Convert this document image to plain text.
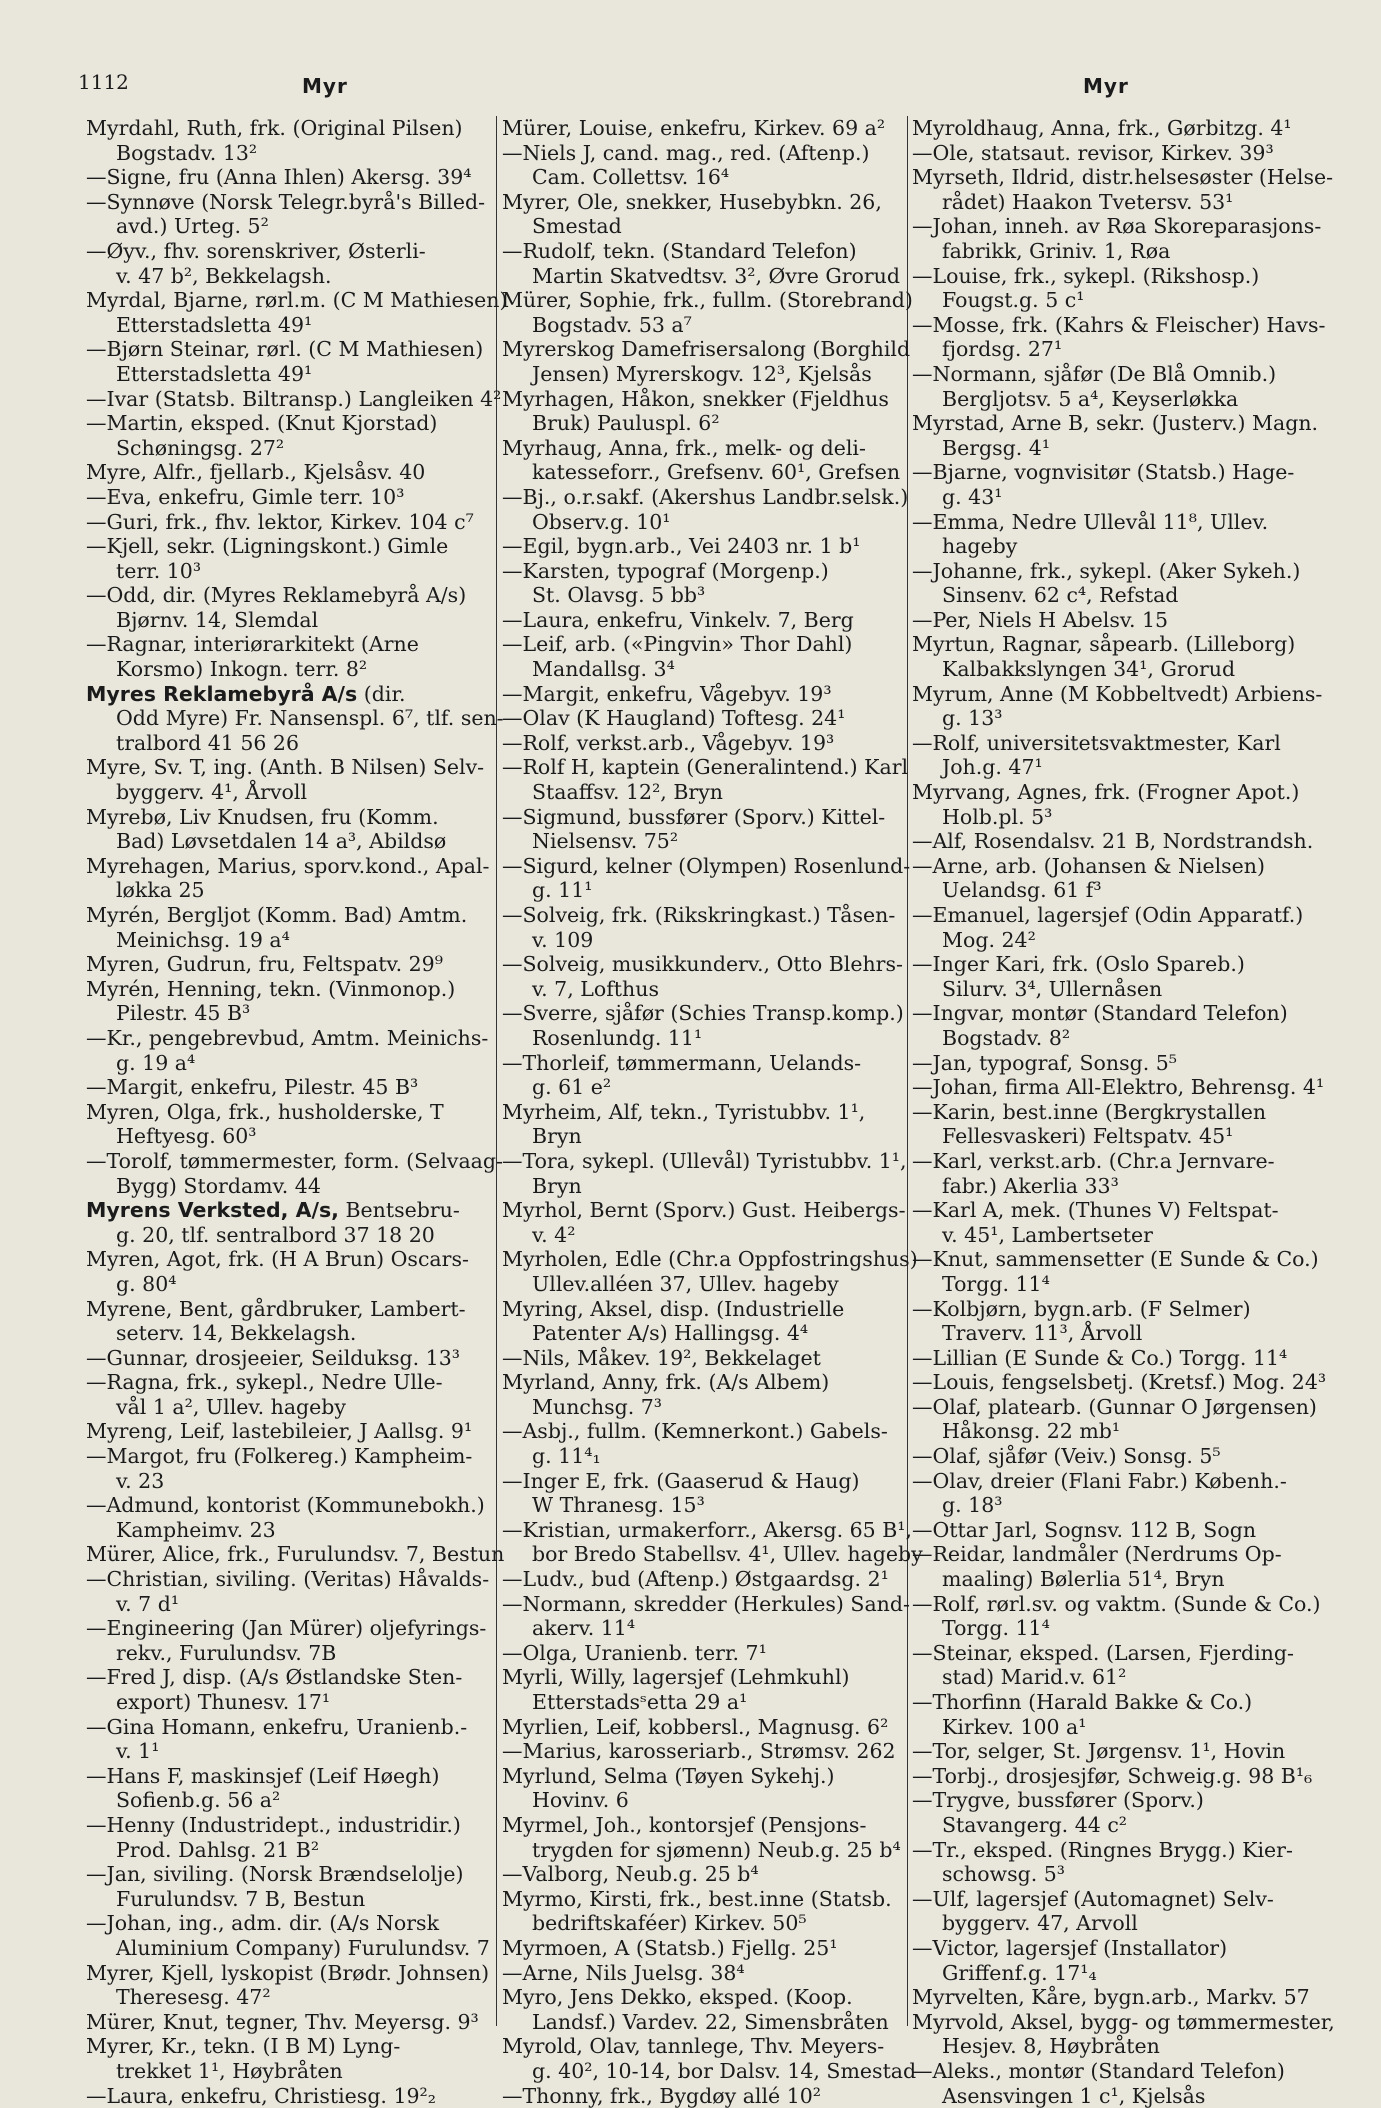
1112	Myr	Myr
Myrdahl, Ruth, frk. (Original Pilsen)
Bogstadv. 13²
—Signe, fru (Anna Ihlen) Akersg. 39⁴
—Synnøve (Norsk Telegr.byrå's Billed-
avd.) Urteg. 5²
—Øyv., fhv. sorenskriver, Østerli-
v. 47 b², Bekkelagsh.
Myrdal, Bjarne, rørl.m. (C M Mathiesen)
Etterstadsletta 49¹
—Bjørn Steinar, rørl. (C M Mathiesen)
Etterstadsletta 49¹
—Ivar (Statsb. Biltransp.) Langleiken 4²
—Martin, eksped. (Knut Kjorstad)
Schøningsg. 27²
Myre, Alfr., fjellarb., Kjelsåsv. 40
—Eva, enkefru, Gimle terr. 10³
—Guri, frk., fhv. lektor, Kirkev. 104 c⁷
—Kjell, sekr. (Ligningskont.) Gimle
terr. 10³
—Odd, dir. (Myres Reklamebyrå A/s)
Bjørnv. 14, Slemdal
—Ragnar, interiørarkitekt (Arne
Korsmo) Inkogn. terr. 8²
Myres Reklamebyrå A/s (dir.
Odd Myre) Fr. Nansenspl. 6⁷, tlf. sen-
tralbord 41 56 26
Myre, Sv. T, ing. (Anth. B Nilsen) Selv-
byggerv. 4¹, Årvoll
Myrebø, Liv Knudsen, fru (Komm.
Bad) Løvsetdalen 14 a³, Abildsø
Myrehagen, Marius, sporv.kond., Apal-
løkka 25
Myrén, Bergljot (Komm. Bad) Amtm.
Meinichsg. 19 a⁴
Myren, Gudrun, fru, Feltspatv. 29⁹
Myrén, Henning, tekn. (Vinmonop.)
Pilestr. 45 B³
—Kr., pengebrevbud, Amtm. Meinichs-
g. 19 a⁴
—Margit, enkefru, Pilestr. 45 B³
Myren, Olga, frk., husholderske, T
Heftyesg. 60³
—Torolf, tømmermester, form. (Selvaag-
Bygg) Stordamv. 44
Myrens Verksted, A/s, Bentsebru-
g. 20, tlf. sentralbord 37 18 20
Myren, Agot, frk. (H A Brun) Oscars-
g. 80⁴
Myrene, Bent, gårdbruker, Lambert-
seterv. 14, Bekkelagsh.
—Gunnar, drosjeeier, Seilduksg. 13³
—Ragna, frk., sykepl., Nedre Ulle-
vål 1 a², Ullev. hageby
Myreng, Leif, lastebileier, J Aallsg. 9¹
—Margot, fru (Folkereg.) Kampheim-
v. 23
—Admund, kontorist (Kommunebokh.)
Kampheimv. 23
Mürer, Alice, frk., Furulundsv. 7, Bestun
—Christian, siviling. (Veritas) Håvalds-
v. 7 d¹
—Engineering (Jan Mürer) oljefyrings-
rekv., Furulundsv. 7B
—Fred J, disp. (A/s Østlandske Sten-
export) Thunesv. 17¹
—Gina Homann, enkefru, Uranienb.-
v. 1¹
—Hans F, maskinsjef (Leif Høegh)
Sofienb.g. 56 a²
—Henny (Industridept., industridir.)
Prod. Dahlsg. 21 B²
—Jan, siviling. (Norsk Brændselolje)
Furulundsv. 7 B, Bestun
—Johan, ing., adm. dir. (A/s Norsk
Aluminium Company) Furulundsv. 7
Myrer, Kjell, lyskopist (Brødr. Johnsen)
Theresesg. 47²
Mürer, Knut, tegner, Thv. Meyersg. 9³
Myrer, Kr., tekn. (I B M) Lyng-
trekket 1¹, Høybråten
—Laura, enkefru, Christiesg. 19²₂
Mürer, Louise, enkefru, Kirkev. 69 a²
—Niels J, cand. mag., red. (Aftenp.)
Cam. Collettsv. 16⁴
Myrer, Ole, snekker, Husebybkn. 26,
Smestad
—Rudolf, tekn. (Standard Telefon)
Martin Skatvedtsv. 3², Øvre Grorud
Mürer, Sophie, frk., fullm. (Storebrand)
Bogstadv. 53 a⁷
Myrerskog Damefrisersalong (Borghild
Jensen) Myrerskogv. 12³, Kjelsås
Myrhagen, Håkon, snekker (Fjeldhus
Bruk) Pauluspl. 6²
Myrhaug, Anna, frk., melk- og deli-
katesseforr., Grefsenv. 60¹, Grefsen
—Bj., o.r.sakf. (Akershus Landbr.selsk.)
Observ.g. 10¹
—Egil, bygn.arb., Vei 2403 nr. 1 b¹
—Karsten, typograf (Morgenp.)
St. Olavsg. 5 bb³
—Laura, enkefru, Vinkelv. 7, Berg
—Leif, arb. («Pingvin» Thor Dahl)
Mandallsg. 3⁴
—Margit, enkefru, Vågebyv. 19³
—Olav (K Haugland) Toftesg. 24¹
—Rolf, verkst.arb., Vågebyv. 19³
—Rolf H, kaptein (Generalintend.) Karl
Staaffsv. 12², Bryn
—Sigmund, bussfører (Sporv.) Kittel-
Nielsensv. 75²
—Sigurd, kelner (Olympen) Rosenlund-
g. 11¹
—Solveig, frk. (Rikskringkast.) Tåsen-
v. 109
—Solveig, musikkunderv., Otto Blehrs-
v. 7, Lofthus
—Sverre, sjåfør (Schies Transp.komp.)
Rosenlundg. 11¹
—Thorleif, tømmermann, Uelands-
g. 61 e²
Myrheim, Alf, tekn., Tyristubbv. 1¹,
Bryn
—Tora, sykepl. (Ullevål) Tyristubbv. 1¹,
Bryn
Myrhol, Bernt (Sporv.) Gust. Heibergs-
v. 4²
Myrholen, Edle (Chr.a Oppfostringshus)
Ullev.alléen 37, Ullev. hageby
Myring, Aksel, disp. (Industrielle
Patenter A/s) Hallingsg. 4⁴
—Nils, Måkev. 19², Bekkelaget
Myrland, Anny, frk. (A/s Albem)
Munchsg. 7³
—Asbj., fullm. (Kemnerkont.) Gabels-
g. 11⁴₁
—Inger E, frk. (Gaaserud & Haug)
W Thranesg. 15³
—Kristian, urmakerforr., Akersg. 65 B¹,
bor Bredo Stabellsv. 4¹, Ullev. hageby
—Ludv., bud (Aftenp.) Østgaardsg. 2¹
—Normann, skredder (Herkules) Sand-
akerv. 11⁴
—Olga, Uranienb. terr. 7¹
Myrli, Willy, lagersjef (Lehmkuhl)
Etterstadsˢetta 29 a¹
Myrlien, Leif, kobbersl., Magnusg. 6²
—Marius, karosseriarb., Strømsv. 262
Myrlund, Selma (Tøyen Sykehj.)
Hovinv. 6
Myrmel, Joh., kontorsjef (Pensjons-
trygden for sjømenn) Neub.g. 25 b⁴
—Valborg, Neub.g. 25 b⁴
Myrmo, Kirsti, frk., best.inne (Statsb.
bedriftskaféer) Kirkev. 50⁵
Myrmoen, A (Statsb.) Fjellg. 25¹
—Arne, Nils Juelsg. 38⁴
Myro, Jens Dekko, eksped. (Koop.
Landsf.) Vardev. 22, Simensbråten
Myrold, Olav, tannlege, Thv. Meyers-
g. 40², 10-14, bor Dalsv. 14, Smestad
—Thonny, frk., Bygdøy allé 10²
Myroldhaug, Anna, frk., Gørbitzg. 4¹
—Ole, statsaut. revisor, Kirkev. 39³
Myrseth, Ildrid, distr.helsesøster (Helse-
rådet) Haakon Tvetersv. 53¹
—Johan, inneh. av Røa Skoreparasjons-
fabrikk, Griniv. 1, Røa
—Louise, frk., sykepl. (Rikshosp.)
Fougst.g. 5 c¹
—Mosse, frk. (Kahrs & Fleischer) Havs-
fjordsg. 27¹
—Normann, sjåfør (De Blå Omnib.)
Bergljotsv. 5 a⁴, Keyserløkka
Myrstad, Arne B, sekr. (Justerv.) Magn.
Bergsg. 4¹
—Bjarne, vognvisitør (Statsb.) Hage-
g. 43¹
—Emma, Nedre Ullevål 11⁸, Ullev.
hageby
—Johanne, frk., sykepl. (Aker Sykeh.)
Sinsenv. 62 c⁴, Refstad
—Per, Niels H Abelsv. 15
Myrtun, Ragnar, såpearb. (Lilleborg)
Kalbakkslyngen 34¹, Grorud
Myrum, Anne (M Kobbeltvedt) Arbiens-
g. 13³
—Rolf, universitetsvaktmester, Karl
Joh.g. 47¹
Myrvang, Agnes, frk. (Frogner Apot.)
Holb.pl. 5³
—Alf, Rosendalsv. 21 B, Nordstrandsh.
—Arne, arb. (Johansen & Nielsen)
Uelandsg. 61 f³
—Emanuel, lagersjef (Odin Apparatf.)
Mog. 24²
—Inger Kari, frk. (Oslo Spareb.)
Silurv. 3⁴, Ullernåsen
—Ingvar, montør (Standard Telefon)
Bogstadv. 8²
—Jan, typograf, Sonsg. 5⁵
—Johan, firma All-Elektro, Behrensg. 4¹
—Karin, best.inne (Bergkrystallen
Fellesvaskeri) Feltspatv. 45¹
—Karl, verkst.arb. (Chr.a Jernvare-
fabr.) Akerlia 33³
—Karl A, mek. (Thunes V) Feltspat-
v. 45¹, Lambertseter
—Knut, sammensetter (E Sunde & Co.)
Torgg. 11⁴
—Kolbjørn, bygn.arb. (F Selmer)
Traverv. 11³, Årvoll
—Lillian (E Sunde & Co.) Torgg. 11⁴
—Louis, fengselsbetj. (Kretsf.) Mog. 24³
—Olaf, platearb. (Gunnar O Jørgensen)
Håkonsg. 22 mb¹
—Olaf, sjåfør (Veiv.) Sonsg. 5⁵
—Olav, dreier (Flani Fabr.) Københ.-
g. 18³
—Ottar Jarl, Sognsv. 112 B, Sogn
—Reidar, landmåler (Nerdrums Op-
maaling) Bølerlia 51⁴, Bryn
—Rolf, rørl.sv. og vaktm. (Sunde & Co.)
Torgg. 11⁴
—Steinar, eksped. (Larsen, Fjerding-
stad) Marid.v. 61²
—Thorfinn (Harald Bakke & Co.)
Kirkev. 100 a¹
—Tor, selger, St. Jørgensv. 1¹, Hovin
—Torbj., drosjesjfør, Schweig.g. 98 B¹₆
—Trygve, bussfører (Sporv.)
Stavangerg. 44 c²
—Tr., eksped. (Ringnes Brygg.) Kier-
schowsg. 5³
—Ulf, lagersjef (Automagnet) Selv-
byggerv. 47, Arvoll
—Victor, lagersjef (Installator)
Griffenf.g. 17¹₄
Myrvelten, Kåre, bygn.arb., Markv. 57
Myrvold, Aksel, bygg- og tømmermester,
Hesjev. 8, Høybråten
—Aleks., montør (Standard Telefon)
Asensvingen 1 c¹, Kjelsås
